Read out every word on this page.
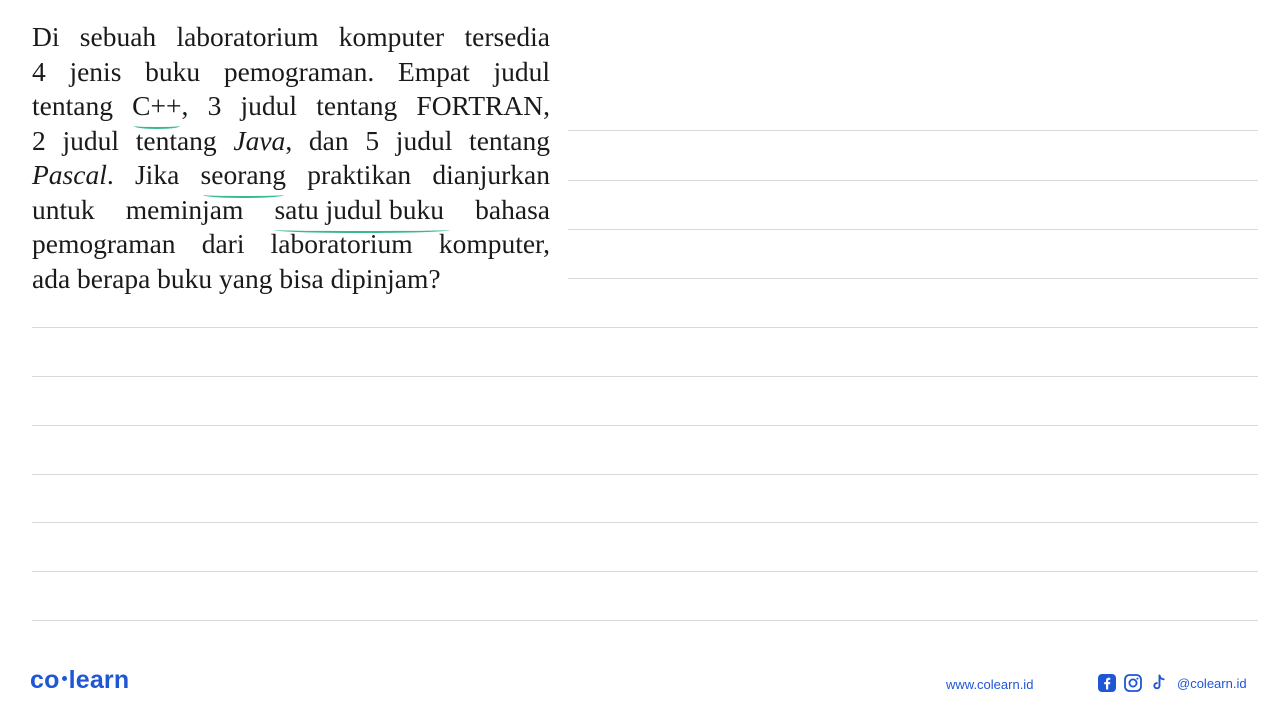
Di sebuah laboratorium komputer tersedia
4 jenis buku pemograman. Empat judul
tentang C++, 3 judul tentang FORTRAN,
2 judul tentang Java, dan 5 judul tentang
Pascal. Jika seorang praktikan dianjurkan
untuk meminjam satu judul buku bahasa
pemograman dari laboratorium komputer,
ada berapa buku yang bisa dipinjam?
co learn	www.colearn.id	@colearn.id
